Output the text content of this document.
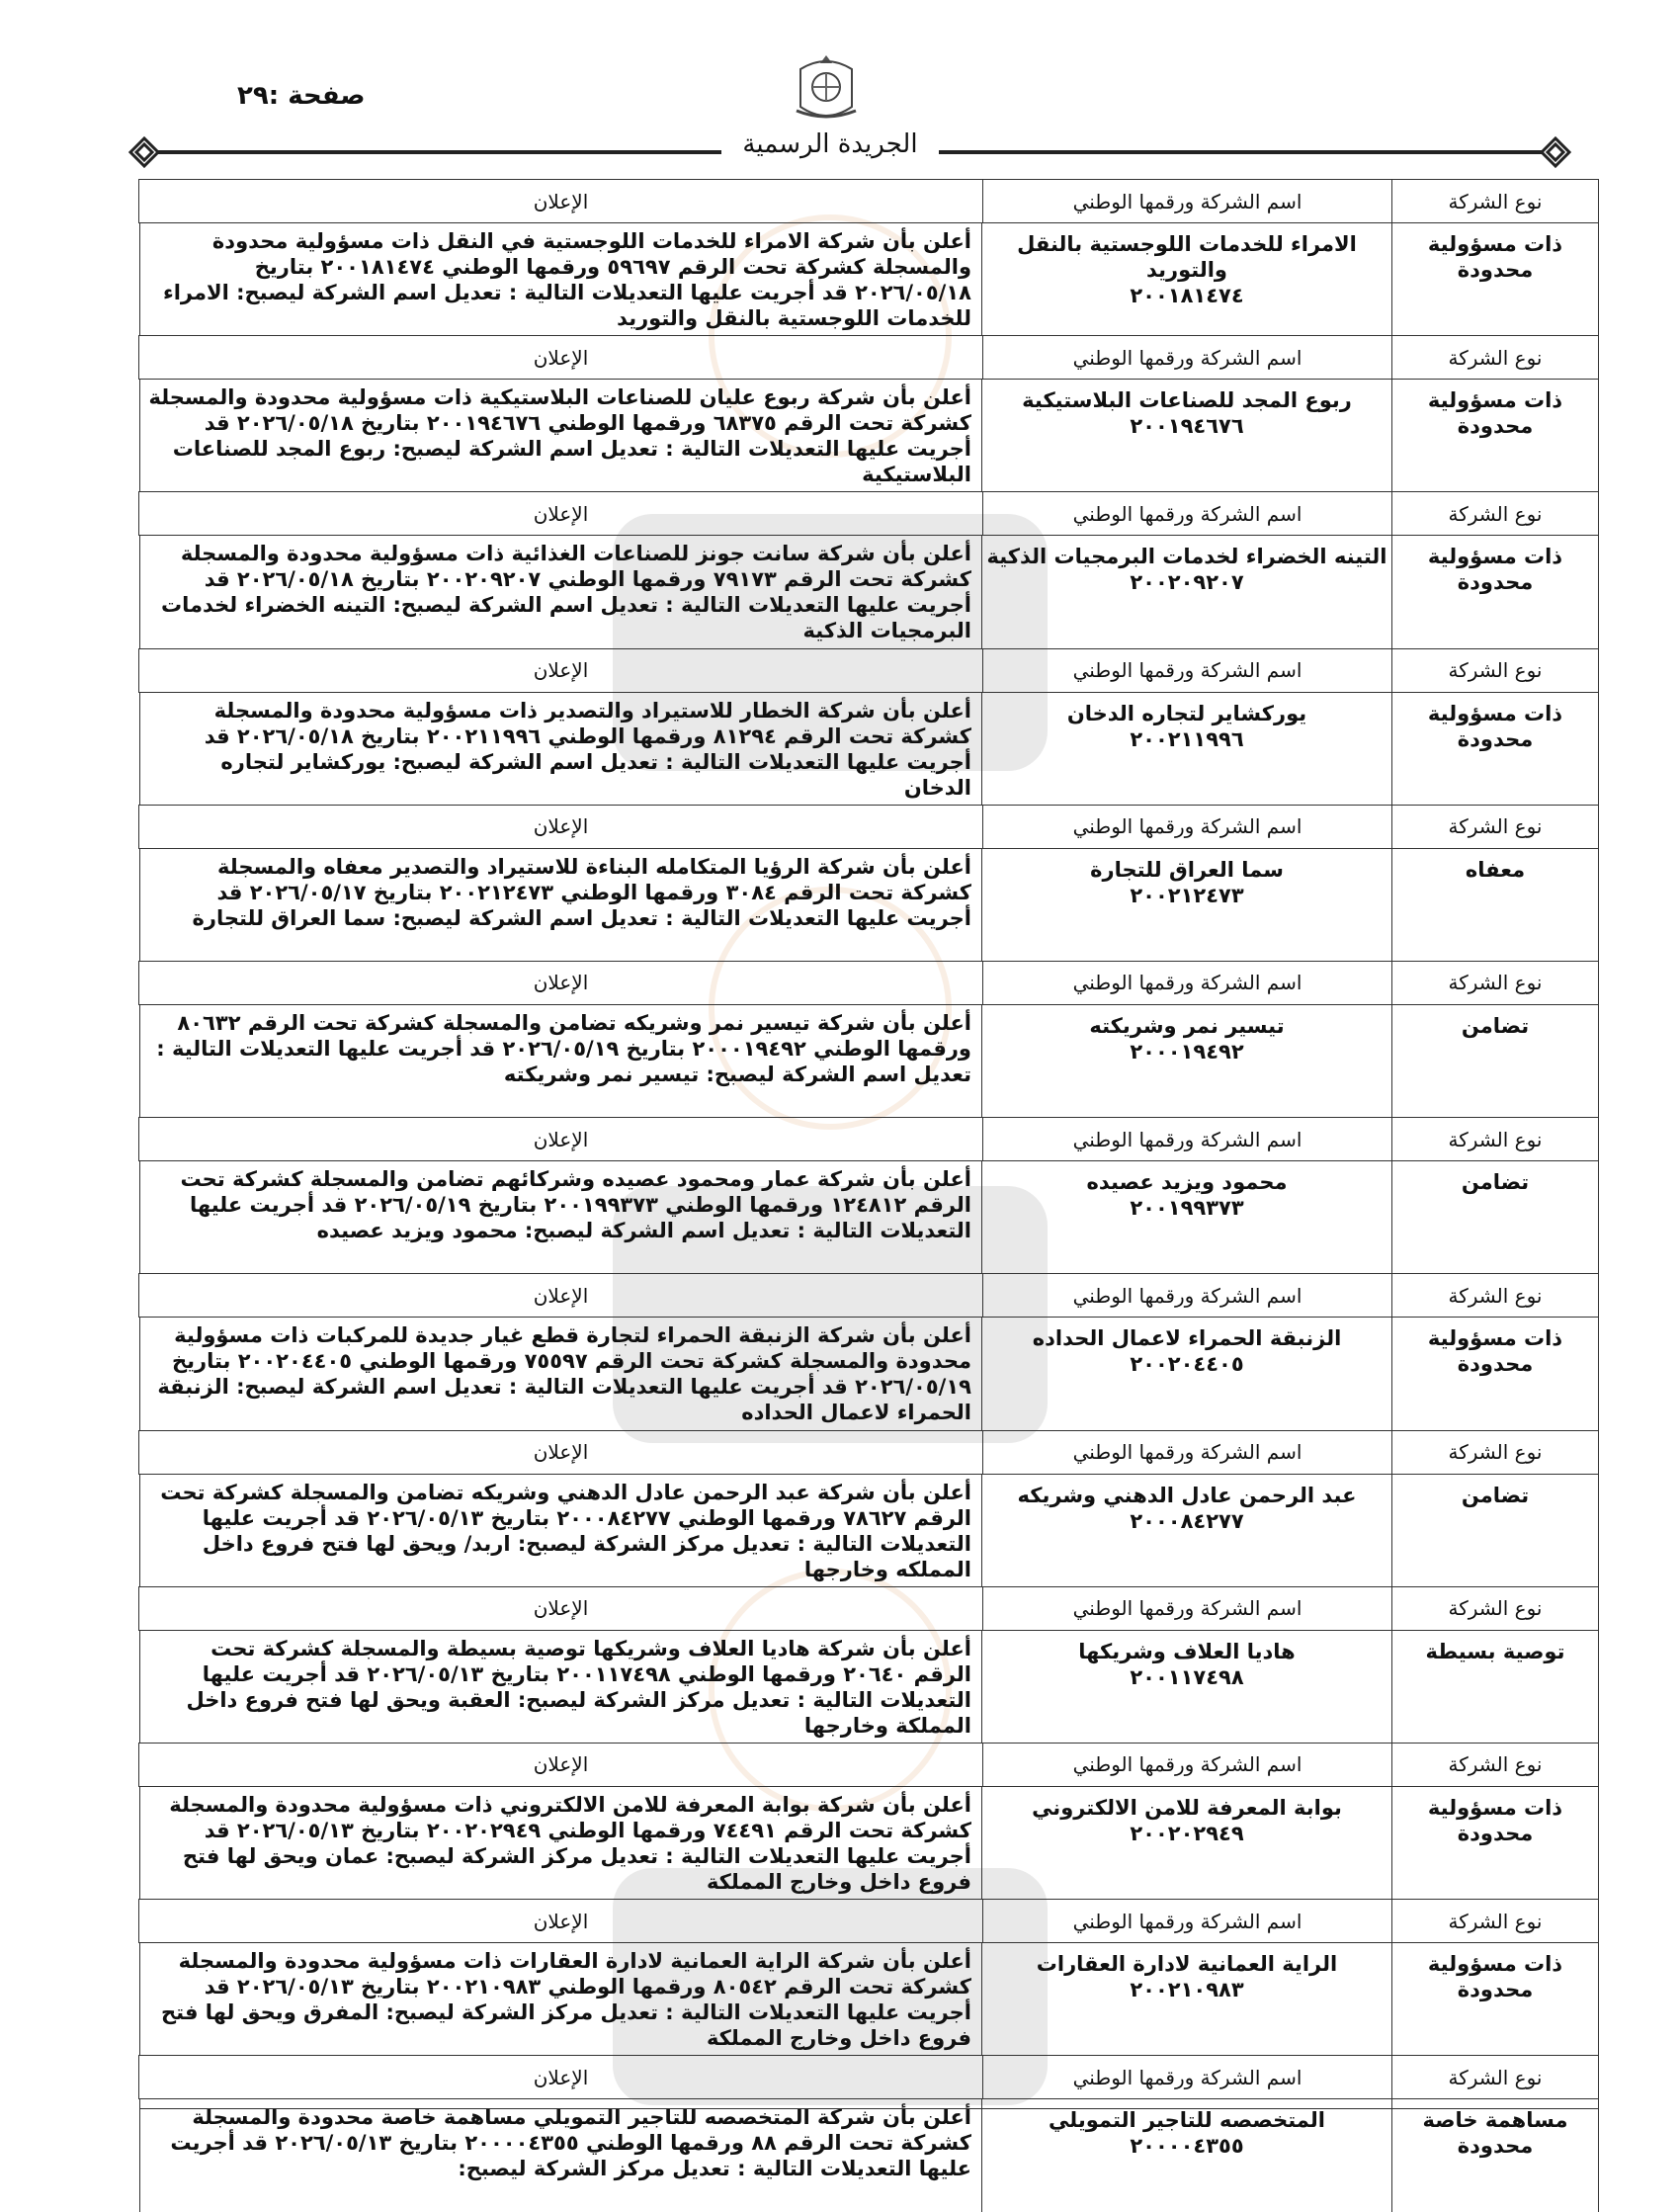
صفحة :٢٩
الجريدة الرسمية
نوع الشركة
اسم الشركة ورقمها الوطني
الإعلان
ذات مسؤولية محدودة
الامراء للخدمات اللوجستية بالنقل والتوريد
٢٠٠١٨١٤٧٤
أعلن بأن شركة الامراء للخدمات اللوجستية في النقل ذات مسؤولية محدودة والمسجلة كشركة تحت الرقم ٥٩٦٩٧ ورقمها الوطني ٢٠٠١٨١٤٧٤ بتاريخ ٢٠٢٦/٠٥/١٨ قد أجريت عليها التعديلات التالية : تعديل اسم الشركة ليصبح: الامراء للخدمات اللوجستية بالنقل والتوريد
نوع الشركة
اسم الشركة ورقمها الوطني
الإعلان
ذات مسؤولية محدودة
ربوع المجد للصناعات البلاستيكية
٢٠٠١٩٤٦٧٦
أعلن بأن شركة ربوع عليان للصناعات البلاستيكية ذات مسؤولية محدودة والمسجلة كشركة تحت الرقم ٦٨٣٧٥ ورقمها الوطني ٢٠٠١٩٤٦٧٦ بتاريخ ٢٠٢٦/٠٥/١٨ قد أجريت عليها التعديلات التالية : تعديل اسم الشركة ليصبح: ربوع المجد للصناعات البلاستيكية
نوع الشركة
اسم الشركة ورقمها الوطني
الإعلان
ذات مسؤولية محدودة
التينه الخضراء لخدمات البرمجيات الذكية
٢٠٠٢٠٩٢٠٧
أعلن بأن شركة سانت جونز للصناعات الغذائية ذات مسؤولية محدودة والمسجلة كشركة تحت الرقم ٧٩١٧٣ ورقمها الوطني ٢٠٠٢٠٩٢٠٧ بتاريخ ٢٠٢٦/٠٥/١٨ قد أجريت عليها التعديلات التالية : تعديل اسم الشركة ليصبح: التينه الخضراء لخدمات البرمجيات الذكية
نوع الشركة
اسم الشركة ورقمها الوطني
الإعلان
ذات مسؤولية محدودة
يوركشاير لتجاره الدخان
٢٠٠٢١١٩٩٦
أعلن بأن شركة الخطار للاستيراد والتصدير ذات مسؤولية محدودة والمسجلة كشركة تحت الرقم ٨١٢٩٤ ورقمها الوطني ٢٠٠٢١١٩٩٦ بتاريخ ٢٠٢٦/٠٥/١٨ قد أجريت عليها التعديلات التالية : تعديل اسم الشركة ليصبح: يوركشاير لتجاره الدخان
نوع الشركة
اسم الشركة ورقمها الوطني
الإعلان
معفاه
سما العراق للتجارة
٢٠٠٢١٢٤٧٣
أعلن بأن شركة الرؤيا المتكامله البناءة للاستيراد والتصدير معفاه والمسجلة كشركة تحت الرقم ٣٠٨٤ ورقمها الوطني ٢٠٠٢١٢٤٧٣ بتاريخ ٢٠٢٦/٠٥/١٧ قد أجريت عليها التعديلات التالية : تعديل اسم الشركة ليصبح: سما العراق للتجارة
نوع الشركة
اسم الشركة ورقمها الوطني
الإعلان
تضامن
تيسير نمر وشريكته
٢٠٠٠١٩٤٩٢
أعلن بأن شركة تيسير نمر وشريكه تضامن والمسجلة كشركة تحت الرقم ٨٠٦٣٢ ورقمها الوطني ٢٠٠٠١٩٤٩٢ بتاريخ ٢٠٢٦/٠٥/١٩ قد أجريت عليها التعديلات التالية : تعديل اسم الشركة ليصبح: تيسير نمر وشريكته
نوع الشركة
اسم الشركة ورقمها الوطني
الإعلان
تضامن
محمود ويزيد عصيده
٢٠٠١٩٩٣٧٣
أعلن بأن شركة عمار ومحمود عصيده وشركائهم تضامن والمسجلة كشركة تحت الرقم ١٢٤٨١٢ ورقمها الوطني ٢٠٠١٩٩٣٧٣ بتاريخ ٢٠٢٦/٠٥/١٩ قد أجريت عليها التعديلات التالية : تعديل اسم الشركة ليصبح: محمود ويزيد عصيده
نوع الشركة
اسم الشركة ورقمها الوطني
الإعلان
ذات مسؤولية محدودة
الزنبقة الحمراء لاعمال الحداده
٢٠٠٢٠٤٤٠٥
أعلن بأن شركة الزنبقة الحمراء لتجارة قطع غيار جديدة للمركبات ذات مسؤولية محدودة والمسجلة كشركة تحت الرقم ٧٥٥٩٧ ورقمها الوطني ٢٠٠٢٠٤٤٠٥ بتاريخ ٢٠٢٦/٠٥/١٩ قد أجريت عليها التعديلات التالية : تعديل اسم الشركة ليصبح: الزنبقة الحمراء لاعمال الحداده
نوع الشركة
اسم الشركة ورقمها الوطني
الإعلان
تضامن
عبد الرحمن عادل الدهني وشريكه
٢٠٠٠٨٤٢٧٧
أعلن بأن شركة عبد الرحمن عادل الدهني وشريكه تضامن والمسجلة كشركة تحت الرقم ٧٨٦٢٧ ورقمها الوطني ٢٠٠٠٨٤٢٧٧ بتاريخ ٢٠٢٦/٠٥/١٣ قد أجريت عليها التعديلات التالية : تعديل مركز الشركة ليصبح: اربد/ ويحق لها فتح فروع داخل المملكه وخارجها
نوع الشركة
اسم الشركة ورقمها الوطني
الإعلان
توصية بسيطة
هاديا العلاف وشريكها
٢٠٠١١٧٤٩٨
أعلن بأن شركة هاديا العلاف وشريكها توصية بسيطة والمسجلة كشركة تحت الرقم ٢٠٦٤٠ ورقمها الوطني ٢٠٠١١٧٤٩٨ بتاريخ ٢٠٢٦/٠٥/١٣ قد أجريت عليها التعديلات التالية : تعديل مركز الشركة ليصبح: العقبة ويحق لها فتح فروع داخل المملكة وخارجها
نوع الشركة
اسم الشركة ورقمها الوطني
الإعلان
ذات مسؤولية محدودة
بوابة المعرفة للامن الالكتروني
٢٠٠٢٠٢٩٤٩
أعلن بأن شركة بوابة المعرفة للامن الالكتروني ذات مسؤولية محدودة والمسجلة كشركة تحت الرقم ٧٤٤٩١ ورقمها الوطني ٢٠٠٢٠٢٩٤٩ بتاريخ ٢٠٢٦/٠٥/١٣ قد أجريت عليها التعديلات التالية : تعديل مركز الشركة ليصبح: عمان ويحق لها فتح فروع داخل وخارج المملكة
نوع الشركة
اسم الشركة ورقمها الوطني
الإعلان
ذات مسؤولية محدودة
الراية العمانية لادارة العقارات
٢٠٠٢١٠٩٨٣
أعلن بأن شركة الراية العمانية لادارة العقارات ذات مسؤولية محدودة والمسجلة كشركة تحت الرقم ٨٠٥٤٢ ورقمها الوطني ٢٠٠٢١٠٩٨٣ بتاريخ ٢٠٢٦/٠٥/١٣ قد أجريت عليها التعديلات التالية : تعديل مركز الشركة ليصبح: المفرق ويحق لها فتح فروع داخل وخارج المملكة
نوع الشركة
اسم الشركة ورقمها الوطني
الإعلان
مساهمة خاصة محدودة
المتخصصه للتاجير التمويلي
٢٠٠٠٠٤٣٥٥
أعلن بأن شركة المتخصصه للتاجير التمويلي مساهمة خاصة محدودة والمسجلة كشركة تحت الرقم ٨٨ ورقمها الوطني ٢٠٠٠٠٤٣٥٥ بتاريخ ٢٠٢٦/٠٥/١٣ قد أجريت عليها التعديلات التالية : تعديل مركز الشركة ليصبح:
